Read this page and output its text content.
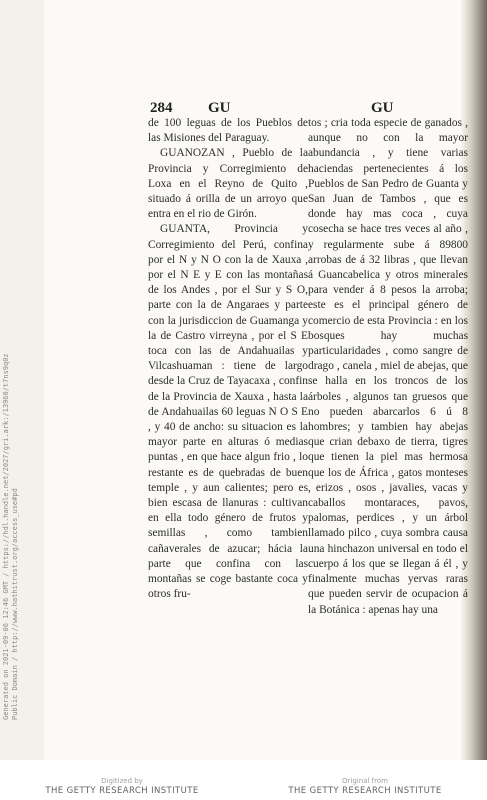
Generated on 2021-09-06 12:46 GMT / https://hdl.handle.net/2027/gri.ark:/13960/t7ns9q0z Public Domain / http://www.hathitrust.org/access_use#pd
284 GU	GU

de 100 leguas de los Pueblos de las Misiones del Paraguay.

GUANOZAN , Pueblo de la Provincia y Corregimiento de Loxa en el Reyno de Quito , situado á orilla de un arroyo que entra en el rio de Girón.

GUANTA, Provincia y Corregimiento del Perú, confina por el N y N O con la de Xauxa , por el N E y E con las montañas de los Andes , por el Sur y S O, parte con la de Angaraes y parte con la jurisdiccion de Guamanga y la de Castro virreyna , por el S E toca con las de Andahuailas y Vilcashuaman : tiene de largo desde la Cruz de Tayacaxa , confin de la Provincia de Xauxa , hasta la de Andahuailas 60 leguas N O S E , y 40 de ancho: su situacion es la mayor parte en alturas ó medias puntas , en que hace algun frio , lo restante es de quebradas de buen temple , y aun calientes; pero es bien escasa de llanuras : cultivan en ella todo género de frutos y semillas , como tambien cañaverales de azucar; hácia la parte que confina con las montañas se coge bastante coca y otros fru-

tos ; cria toda especie de ganados , aunque no con la mayor abundancia , y tiene varias haciendas pertenecientes á los Pueblos de San Pedro de Guanta y San Juan de Tambos , que es donde hay mas coca , cuya cosecha se hace tres veces al año , y regularmente sube á 89800 arrobas de á 32 libras , que llevan á Guancabelica y otros minerales para vender á 8 pesos la arroba; este es el principal género de comercio de esta Provincia : en los bosques hay muchas particularidades , como sangre de drago , canela , miel de abejas, que se halla en los troncos de los árboles , algunos tan gruesos que no pueden abarcarlos 6 ú 8 hombres; y tambien hay abejas que crian debaxo de tierra, tigres que tienen la piel mas hermosa que los de África , gatos monteses , erizos , osos , javalies, vacas y caballos montaraces, pavos, palomas, perdices , y un árbol llamado pilco , cuya sombra causa una hinchazon universal en todo el cuerpo á los que se llegan á él , y finalmente muchas yervas raras que pueden servir de ocupacion á la Botánica : apenas hay una

Digitized by
THE GETTY RESEARCH INSTITUTE
Original from
THE GETTY RESEARCH INSTITUTE
